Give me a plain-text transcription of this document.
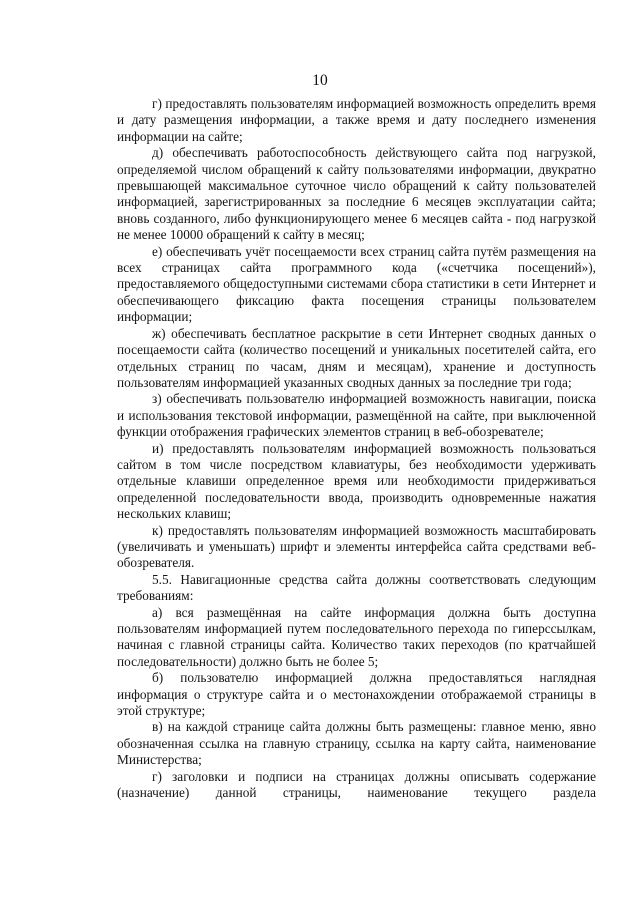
10

г) предоставлять пользователям информацией возможность определить время и дату размещения информации, а также время и дату последнего изменения информации на сайте;

д) обеспечивать работоспособность действующего сайта под нагрузкой, определяемой числом обращений к сайту пользователями информации, двукратно превышающей максимальное суточное число обращений к сайту пользователей информацией, зарегистрированных за последние 6 месяцев эксплуатации сайта; вновь созданного, либо функционирующего менее 6 месяцев сайта - под нагрузкой не менее 10000 обращений к сайту в месяц;

е) обеспечивать учёт посещаемости всех страниц сайта путём размещения на всех страницах сайта программного кода («счетчика посещений»), предоставляемого общедоступными системами сбора статистики в сети Интернет и обеспечивающего фиксацию факта посещения страницы пользователем информации;

ж) обеспечивать бесплатное раскрытие в сети Интернет сводных данных о посещаемости сайта (количество посещений и уникальных посетителей сайта, его отдельных страниц по часам, дням и месяцам), хранение и доступность пользователям информацией указанных сводных данных за последние три года;

з) обеспечивать пользователю информацией возможность навигации, поиска и использования текстовой информации, размещённой на сайте, при выключенной функции отображения графических элементов страниц в веб-обозревателе;

и) предоставлять пользователям информацией возможность пользоваться сайтом в том числе посредством клавиатуры, без необходимости удерживать отдельные клавиши определенное время или необходимости придерживаться определенной последовательности ввода, производить одновременные нажатия нескольких клавиш;

к) предоставлять пользователям информацией возможность масштабировать (увеличивать и уменьшать) шрифт и элементы интерфейса сайта средствами веб-обозревателя.

5.5. Навигационные средства сайта должны соответствовать следующим требованиям:

а) вся размещённая на сайте информация должна быть доступна пользователям информацией путем последовательного перехода по гиперссылкам, начиная с главной страницы сайта. Количество таких переходов (по кратчайшей последовательности) должно быть не более 5;

б) пользователю информацией должна предоставляться наглядная информация о структуре сайта и о местонахождении отображаемой страницы в этой структуре;

в) на каждой странице сайта должны быть размещены: главное меню, явно обозначенная ссылка на главную страницу, ссылка на карту сайта, наименование Министерства;

г) заголовки и подписи на страницах должны описывать содержание (назначение) данной страницы, наименование текущего раздела
